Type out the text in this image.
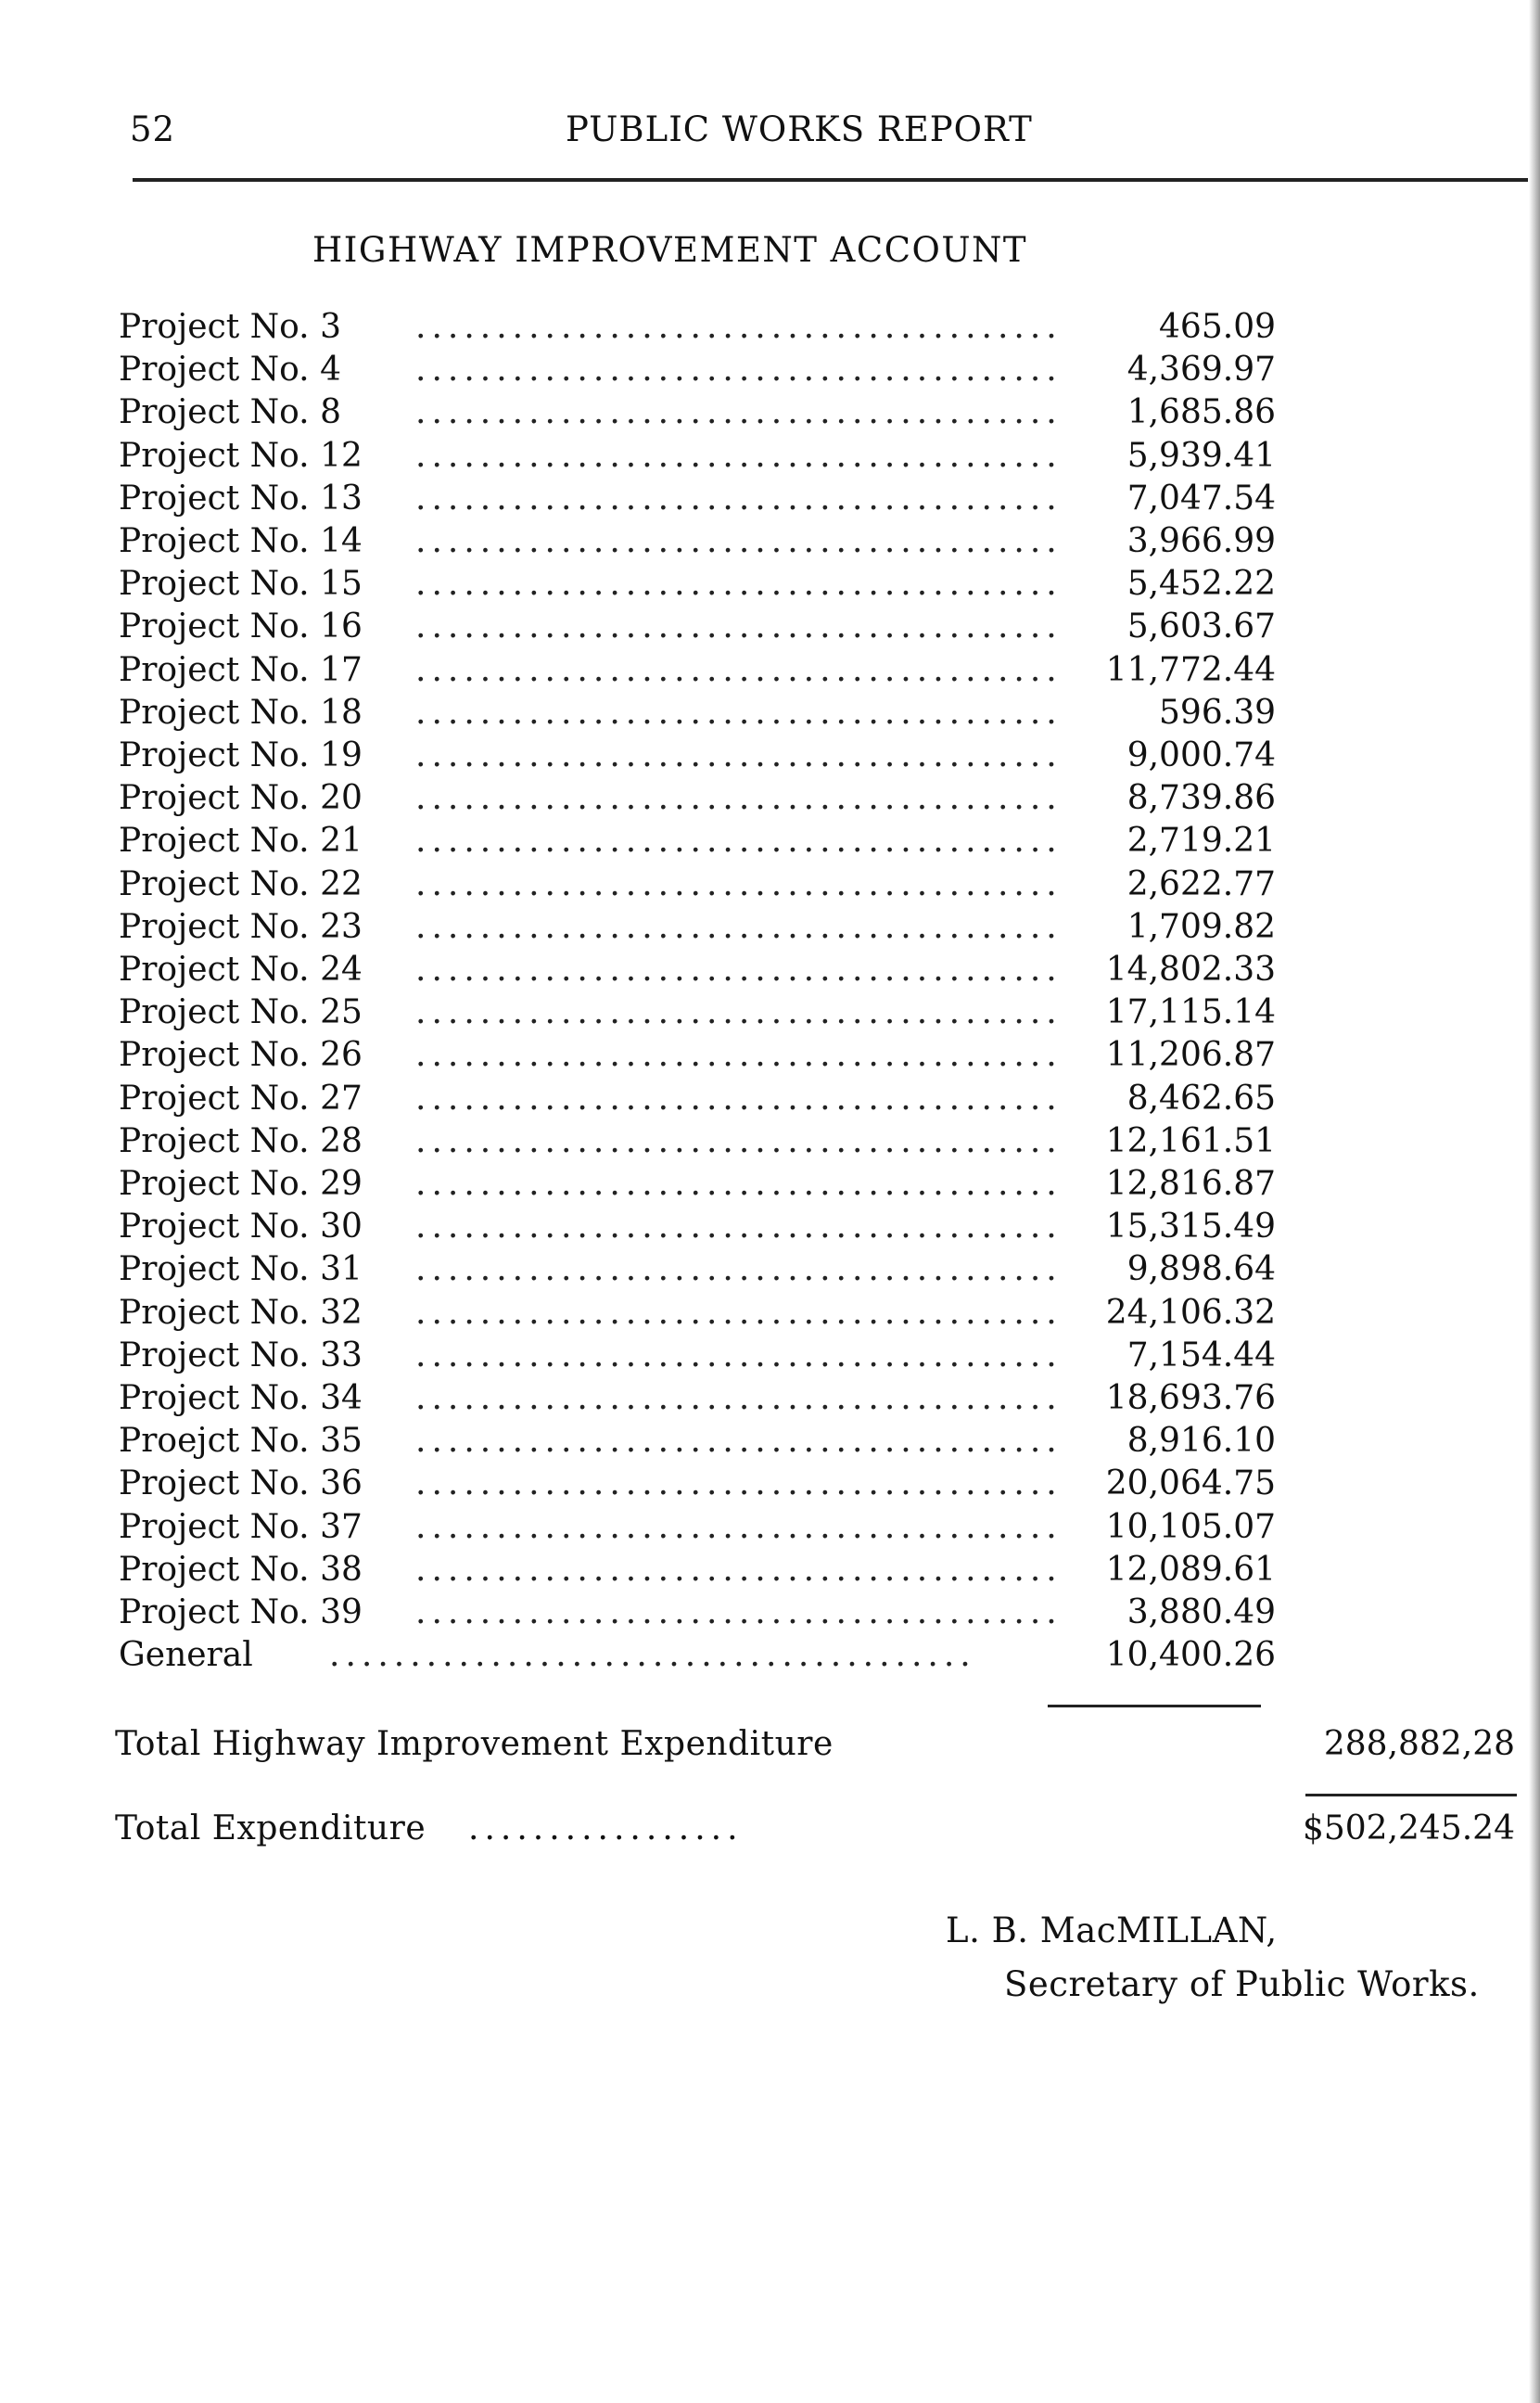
52	PUBLIC WORKS REPORT
HIGHWAY IMPROVEMENT ACCOUNT
Project No. 3 ........................................	465.09
Project No. 4 ........................................ 4,369.97
Project No. 8 ........................................ 1,685.86
Project No. 12 ........................................ 5,939.41
Project No. 13 ........................................ 7,047.54
Project No. 14 ........................................ 3,966.99
Project No. 15 ........................................ 5,452.22
Project No. 16 ........................................ 5,603.67
Project No. 17 ........................................ 11,772.44
Project No. 18 ........................................	596.39
Project No. 19 ........................................ 9,000.74
Project No. 20 ........................................ 8,739.86
Project No. 21 ........................................ 2,719.21
Project No. 22 ........................................ 2,622.77
Project No. 23 ........................................ 1,709.82
Project No. 24 ........................................ 14,802.33
Project No. 25 ........................................ 17,115.14
Project No. 26 ........................................ 11,206.87
Project No. 27 ........................................ 8,462.65
Project No. 28 ........................................ 12,161.51
Project No. 29 ........................................ 12,816.87
Project No. 30 ........................................ 15,315.49
Project No. 31 ........................................ 9,898.64
Project No. 32 ........................................ 24,106.32
Project No. 33 ........................................ 7,154.44
Project No. 34 ........................................ 18,693.76
Proejct No. 35 ........................................ 8,916.10
Project No. 36 ........................................ 20,064.75
Project No. 37 ........................................ 10,105.07
Project No. 38 ........................................ 12,089.61
Project No. 39 ........................................ 3,880.49
General ........................................	10,400.26
Total Highway Improvement Expenditure	288,882,28
Total Expenditure .................	$502,245.24
L. B. MacMILLAN,
Secretary of Public Works.
